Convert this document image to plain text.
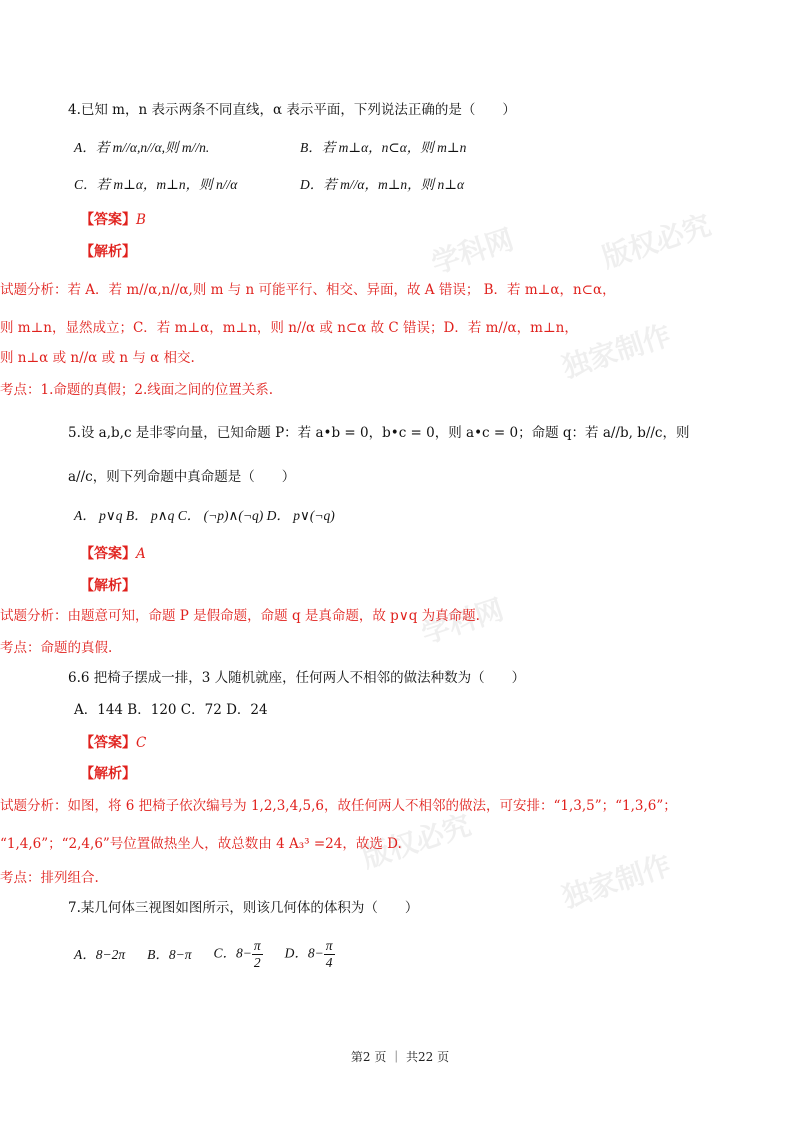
学科网	版权必究
独家制作
学科网
版权必究
独家制作
4.已知 m，n 表示两条不同直线，α 表示平面，下列说法正确的是（　　）
A．若 m//α,n//α,则 m//n.	B．若 m⊥α，n⊂α，则 m⊥n
C．若 m⊥α，m⊥n，则 n//α	D．若 m//α，m⊥n，则 n⊥α
【答案】B
【解析】
试题分析：若 A．若 m//α,n//α,则 m 与 n 可能平行、相交、异面，故 A 错误； B．若 m⊥α，n⊂α，
则 m⊥n，显然成立；C．若 m⊥α，m⊥n，则 n//α 或 n⊂α 故 C 错误；D．若 m//α，m⊥n，
则 n⊥α 或 n//α 或 n 与 α 相交.
考点：1.命题的真假；2.线面之间的位置关系.
5.设 a,b,c 是非零向量，已知命题 P：若 a•b = 0，b•c = 0，则 a•c = 0；命题 q：若 a//b, b//c，则
a//c，则下列命题中真命题是（　　）
A． p∨q B． p∧q C． (¬p)∧(¬q) D． p∨(¬q)
【答案】A
【解析】
试题分析：由题意可知，命题 P 是假命题，命题 q 是真命题，故 p∨q 为真命题.
考点：命题的真假.
6.6 把椅子摆成一排，3 人随机就座，任何两人不相邻的做法种数为（　　）
A．144 B．120 C．72 D．24
【答案】C
【解析】
试题分析：如图，将 6 把椅子依次编号为 1,2,3,4,5,6，故任何两人不相邻的做法，可安排：“1,3,5”；“1,3,6”；
“1,4,6”；“2,4,6”号位置做热坐人，故总数由 4 A₃³ =24，故选 D.
考点：排列组合.
7.某几何体三视图如图所示，则该几何体的体积为（　　）
A．8−2π B．8−π C．$8- \frac{\pi}{2}$ D．$8- \frac{\pi}{4}$
第2 页 ｜ 共22 页
